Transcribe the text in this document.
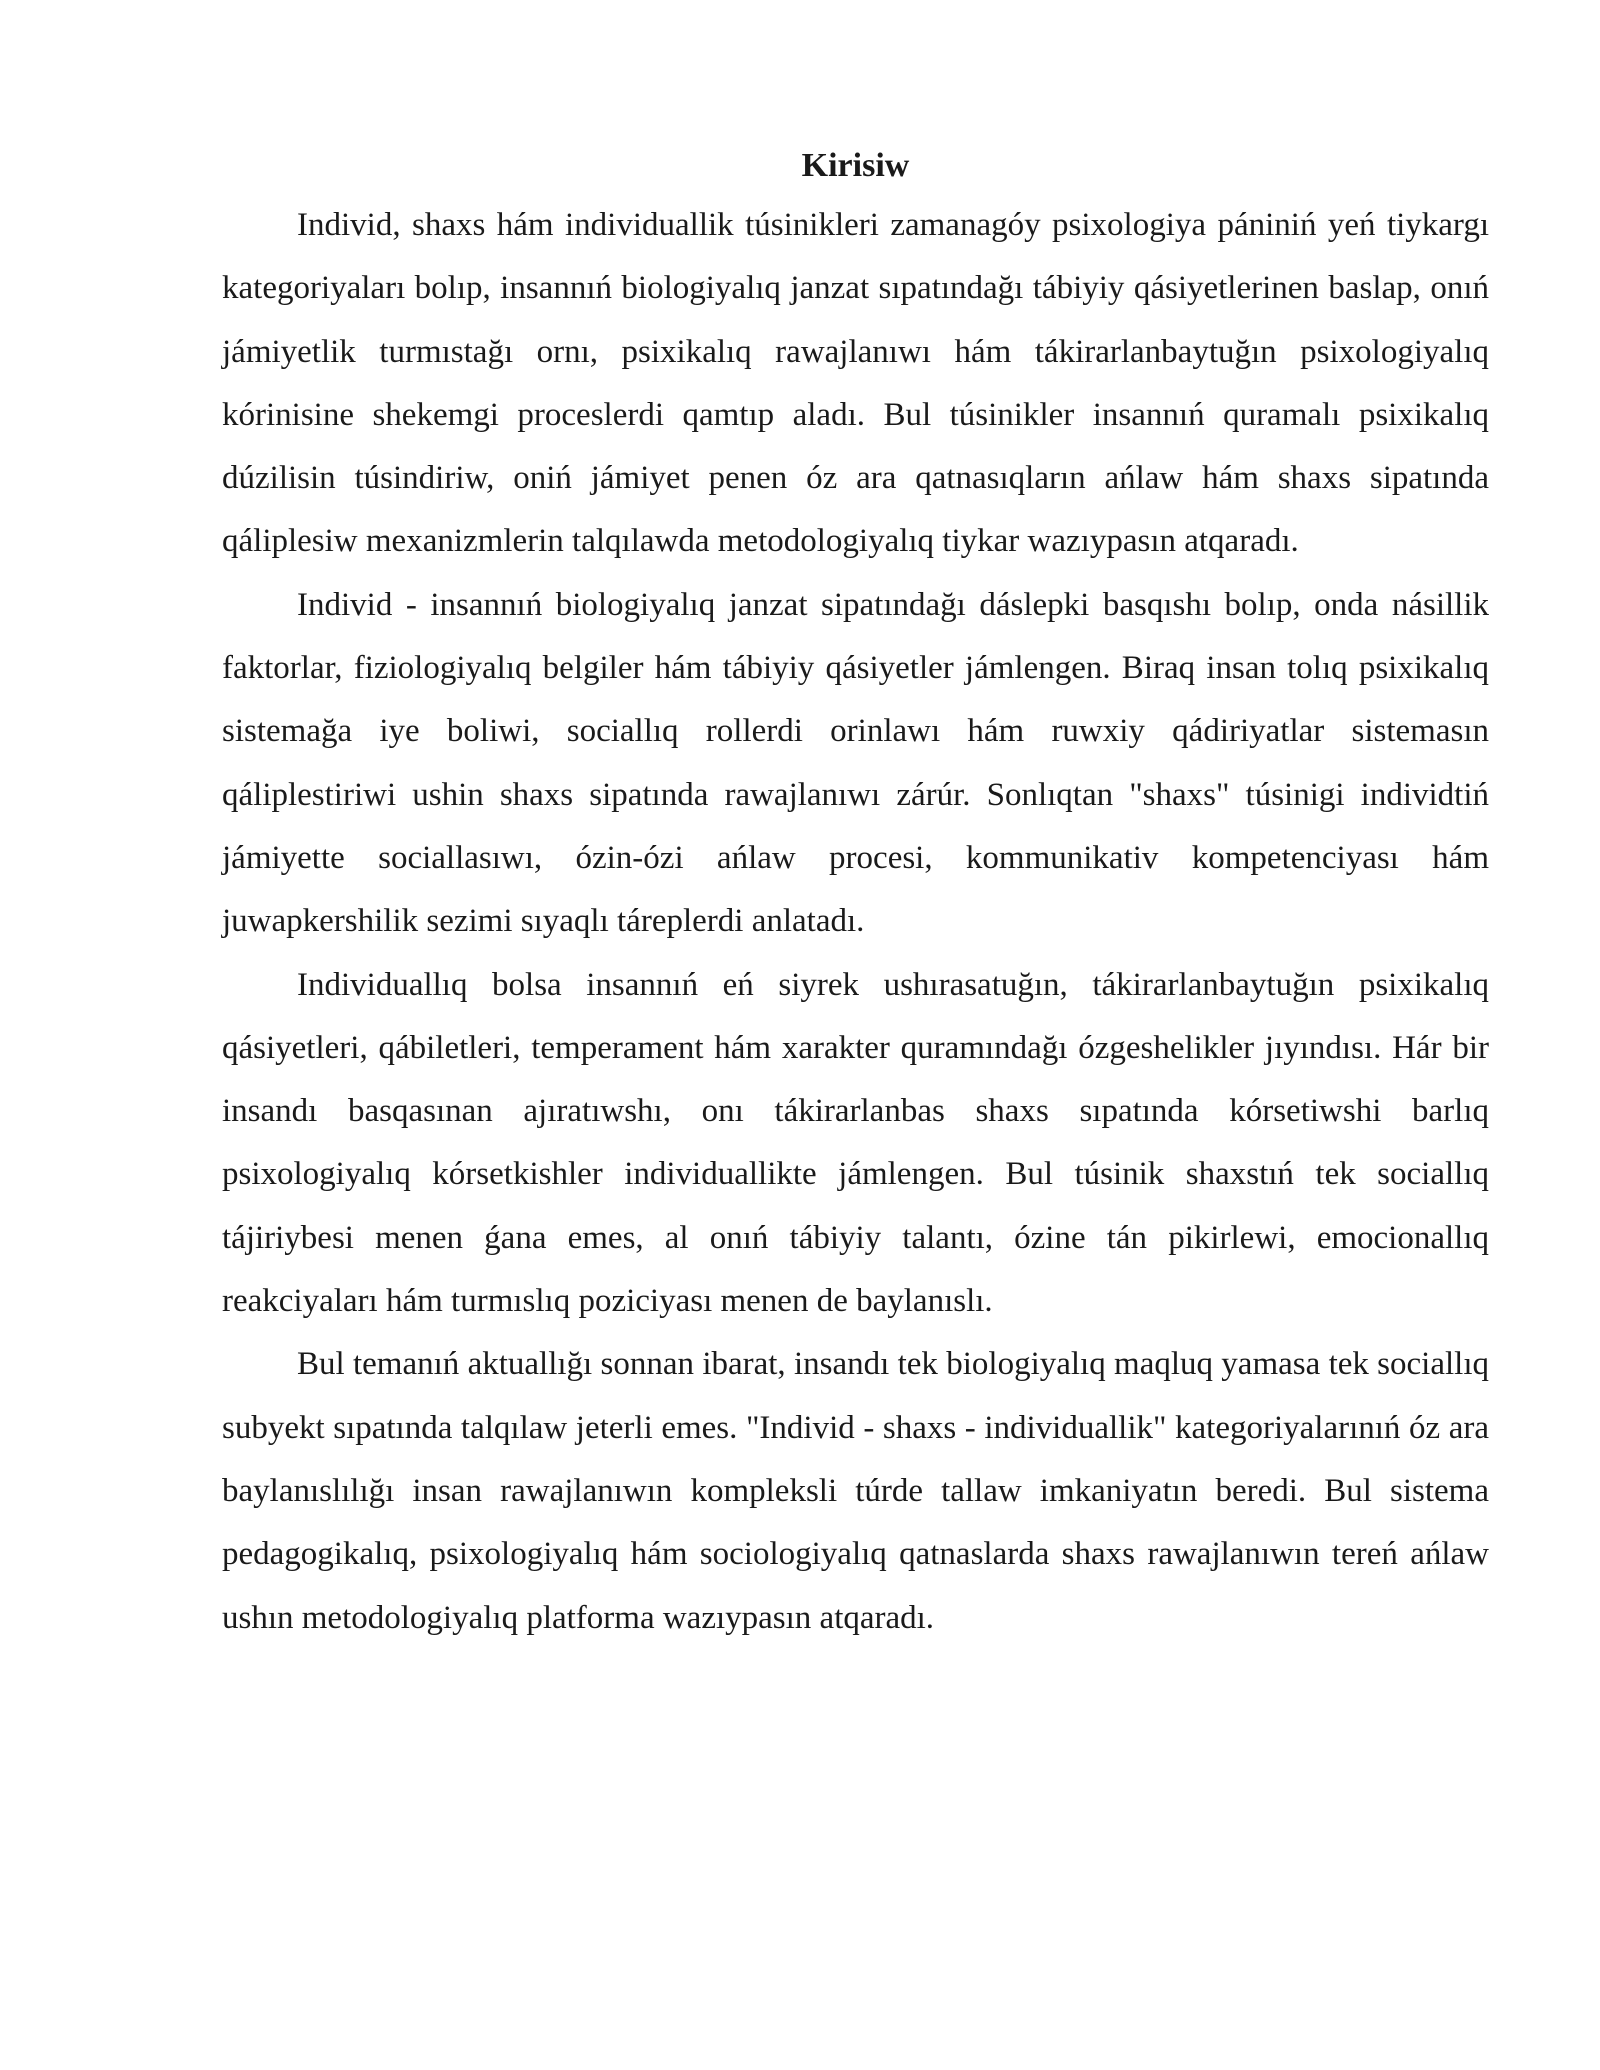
Kirisiw

Individ, shaxs hám individuallik túsinikleri zamanagóy psixologiya pániniń yeń tiykargı kategoriyaları bolıp, insannıń biologiyalıq janzat sıpatındağı tábiyiy qásiyetlerinen baslap, onıń jámiyetlik turmıstağı ornı, psixikalıq rawajlanıwı hám tákirarlanbaytuğın psixologiyalıq kórinisine shekemgi proceslerdi qamtıp aladı. Bul túsinikler insannıń quramalı psixikalıq dúzilisin túsindiriw, oniń jámiyet penen óz ara qatnasıqların ańlaw hám shaxs sipatında qáliplesiw mexanizmlerin talqılawda metodologiyalıq tiykar wazıypasın atqaradı.

Individ - insannıń biologiyalıq janzat sipatındağı dáslepki basqıshı bolıp, onda násillik faktorlar, fiziologiyalıq belgiler hám tábiyiy qásiyetler jámlengen. Biraq insan tolıq psixikalıq sistemağa iye boliwi, sociallıq rollerdi orinlawı hám ruwxiy qádiriyatlar sistemasın qáliplestiriwi ushin shaxs sipatında rawajlanıwı zárúr. Sonlıqtan "shaxs" túsinigi individtiń jámiyette sociallasıwı, ózin-ózi ańlaw procesi, kommunikativ kompetenciyası hám juwapkershilik sezimi sıyaqlı táreplerdi anlatadı.

Individuallıq bolsa insannıń eń siyrek ushırasatuğın, tákirarlanbaytuğın psixikalıq qásiyetleri, qábiletleri, temperament hám xarakter quramındağı ózgeshelikler jıyındısı. Hár bir insandı basqasınan ajıratıwshı, onı tákirarlanbas shaxs sıpatında kórsetiwshi barlıq psixologiyalıq kórsetkishler individuallikte jámlengen. Bul túsinik shaxstıń tek sociallıq tájiriybesi menen ǵana emes, al onıń tábiyiy talantı, ózine tán pikirlewi, emocionallıq reakciyaları hám turmıslıq poziciyası menen de baylanıslı.

Bul temanıń aktuallığı sonnan ibarat, insandı tek biologiyalıq maqluq yamasa tek sociallıq subyekt sıpatında talqılaw jeterli emes. "Individ - shaxs - individuallik" kategoriyalarınıń óz ara baylanıslılığı insan rawajlanıwın kompleksli túrde tallaw imkaniyatın beredi. Bul sistema pedagogikalıq, psixologiyalıq hám sociologiyalıq qatnaslarda shaxs rawajlanıwın tereń ańlaw ushın metodologiyalıq platforma wazıypasın atqaradı.
